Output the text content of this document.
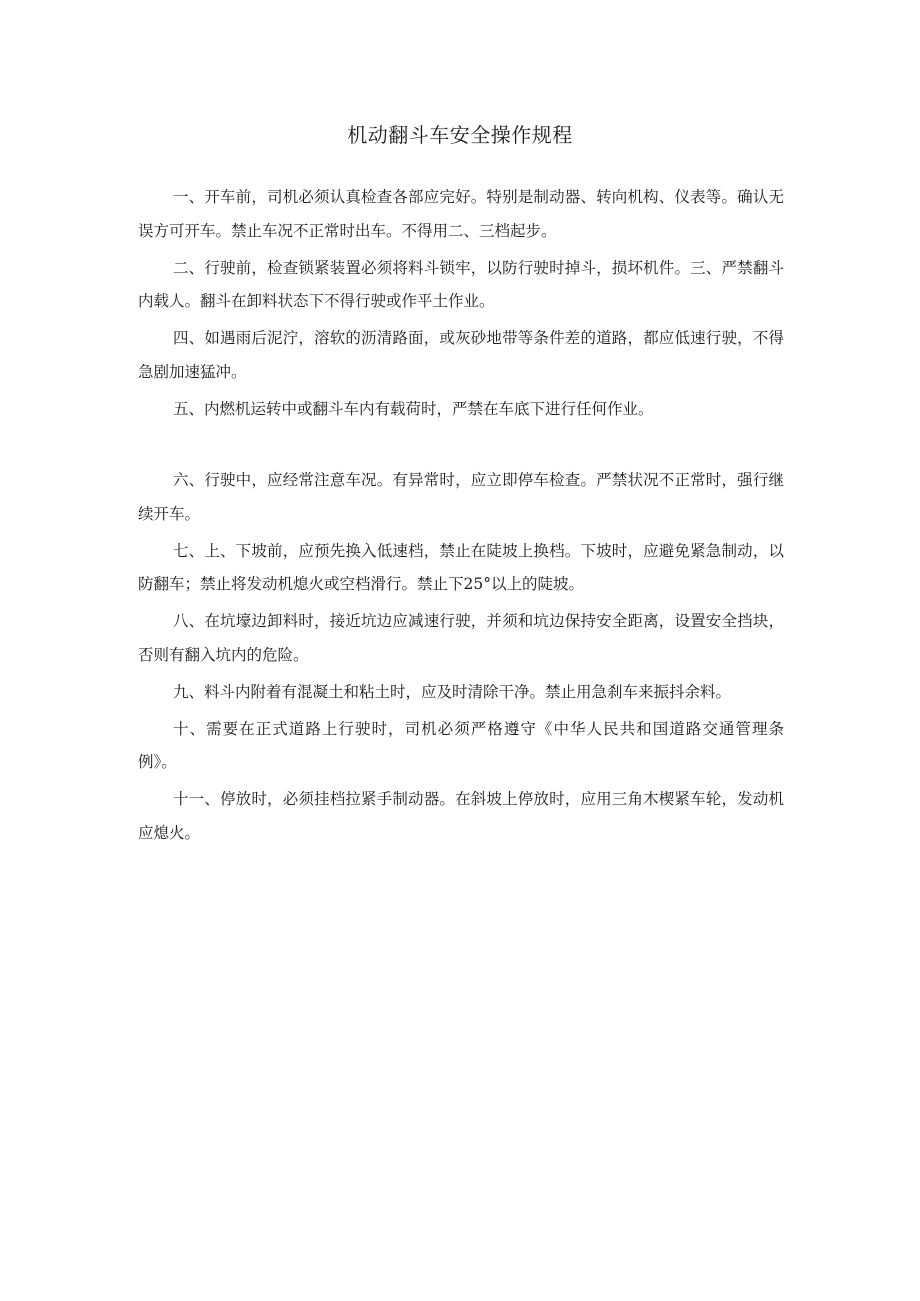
机动翻斗车安全操作规程

一、开车前，司机必须认真检查各部应完好。特别是制动器、转向机构、仪表等。确认无误方可开车。禁止车况不正常时出车。不得用二、三档起步。

二、行驶前，检查锁紧装置必须将料斗锁牢，以防行驶时掉斗，损坏机件。三、严禁翻斗内载人。翻斗在卸料状态下不得行驶或作平土作业。

四、如遇雨后泥泞，溶软的沥清路面，或灰砂地带等条件差的道路，都应低速行驶，不得急剧加速猛冲。

五、内燃机运转中或翻斗车内有载荷时，严禁在车底下进行任何作业。

六、行驶中，应经常注意车况。有异常时，应立即停车检查。严禁状况不正常时，强行继续开车。

七、上、下坡前，应预先换入低速档，禁止在陡坡上换档。下坡时，应避免紧急制动，以防翻车；禁止将发动机熄火或空档滑行。禁止下25°以上的陡坡。

八、在坑壕边卸料时，接近坑边应减速行驶，并须和坑边保持安全距离，设置安全挡块，否则有翻入坑内的危险。

九、料斗内附着有混凝土和粘土时，应及时清除干净。禁止用急刹车来振抖余料。

十、需要在正式道路上行驶时，司机必须严格遵守《中华人民共和国道路交通管理条例》。

十一、停放时，必须挂档拉紧手制动器。在斜坡上停放时，应用三角木楔紧车轮，发动机应熄火。
